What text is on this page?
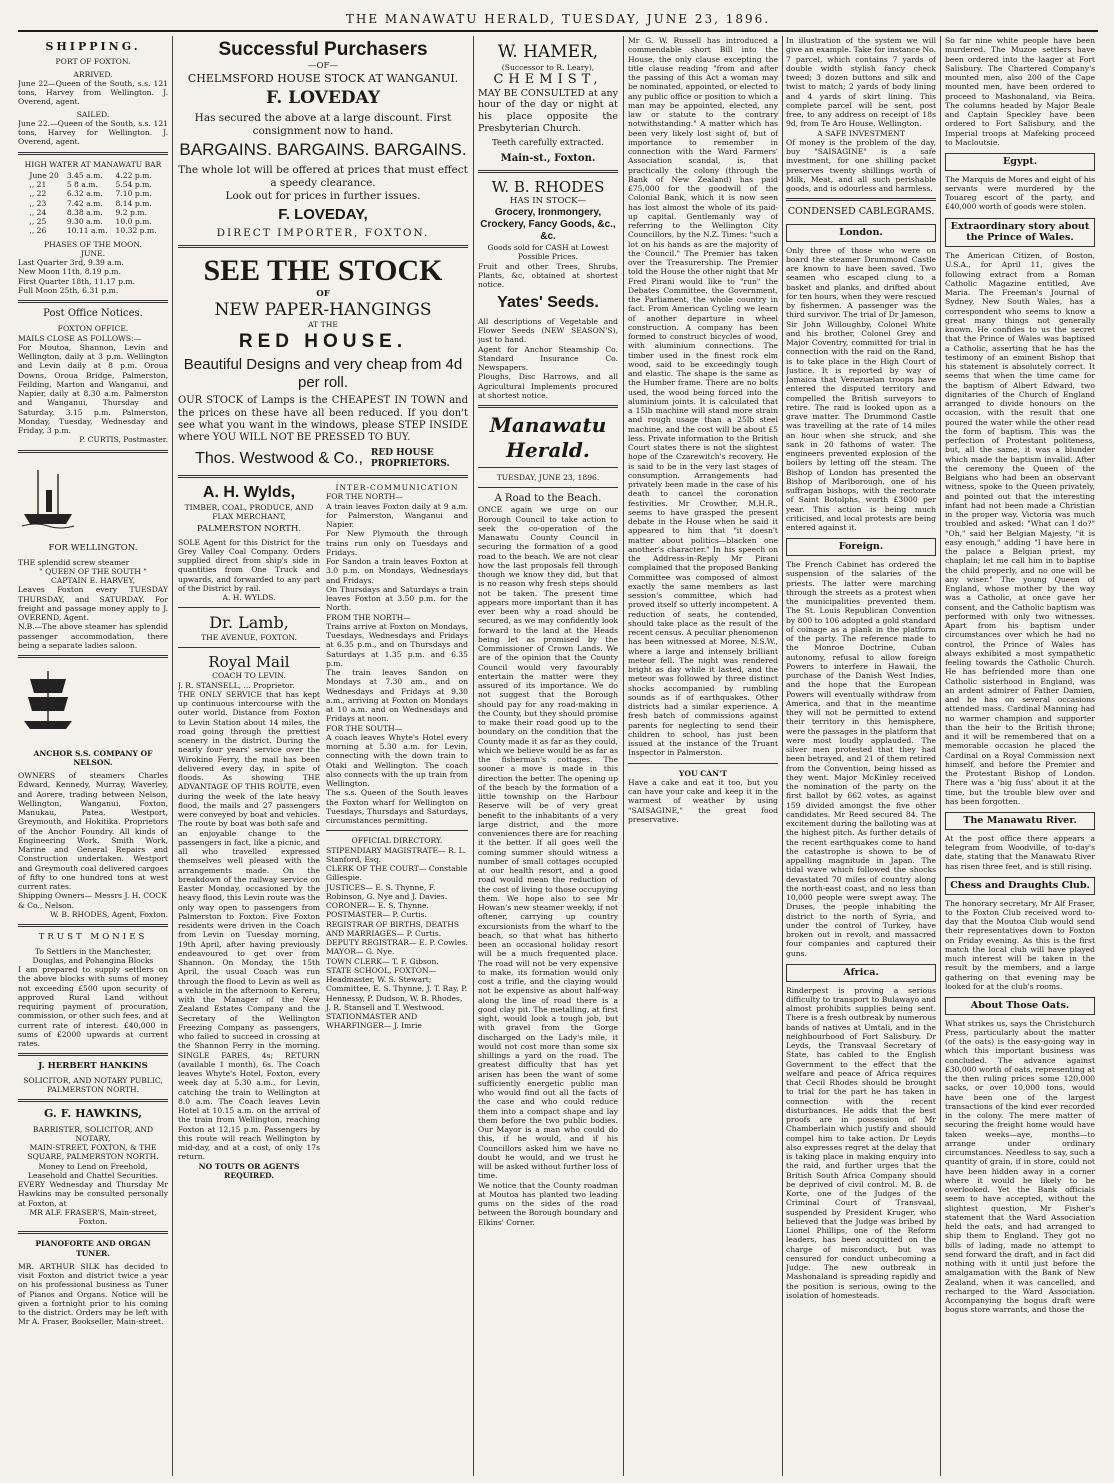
THE MANAWATU HERALD, TUESDAY, JUNE 23, 1896.
SHIPPING.
PORT OF FOXTON.
ARRIVED.
June 22—Queen of the South, s.s. 121 tons, Harvey from Wellington. J. Overend, agent.
SAILED.
June 22.—Queen of the South, s.s. 121 tons, Harvey for Wellington. J. Overend, agent.
HIGH WATER AT MANAWATU BAR
June 20	3.45 a.m.	4.22 p.m.
,, 21	5 8 a.m.	5.54 p.m.
,, 22	6.32 a.m.	7.10 p.m.
,, 23	7.42 a.m.	8.14 p.m.
,, 24	8.38 a.m.	9.2 p.m.
,, 25	9.30 a.m.	10.0 p.m.
,, 26	10.11 a.m.	10.32 p.m.
PHASES OF THE MOON.
JUNE.
Last Quarter 3rd, 9.39 a.m.
New Moon 11th, 8.19 p.m.
First Quarter 18th, 11.17 p.m.
Full Moon 25th, 6.31 p.m.
Post Office Notices.
FOXTON OFFICE.
MAILS CLOSE AS FOLLOWS:—
For Moutoa, Shannon, Levin and Wellington, daily at 3 p.m. Wellington and Levin daily at 8 p.m. Oroua Downs, Oroua Bridge, Palmerston, Feilding, Marton and Wanganui, and Napier, daily at 8.30 a.m. Palmerston and Wanganui, Thursday and Saturday, 3.15 p.m. Palmerston, Monday, Tuesday, Wednesday and Friday, 3 p.m.
P. CURTIS, Postmaster.
FOR WELLINGTON.
THE splendid screw steamer
" QUEEN OF THE SOUTH "
CAPTAIN E. HARVEY,
Leaves Foxton every TUESDAY THURSDAY, and SATURDAY. For freight and passage money apply to J. OVEREND, Agent.
N.B.—The above steamer has splendid passenger accommodation, there being a separate ladies saloon.
ANCHOR S.S. COMPANY OF NELSON.
OWNERS of steamers Charles Edward, Kennedy, Murray, Waverley, and Aorere, trading between Nelson, Wellington, Wanganui, Foxton, Manukau, Patea, Westport, Greymouth, and Hokitika. Proprietors of the Anchor Foundry. All kinds of Engineering Work, Smith Work, Marine and General Repairs and Construction undertaken. Westport and Greymouth coal delivered cargoes of fifty to one hundred tons at west current rates.
Shipping Owners— Messrs J. H. COCK & Co., Nelson.
W. B. RHODES, Agent, Foxton.
TRUST MONIES
To Settlers in the Manchester, Douglas, and Pohangina Blocks
I am prepared to supply settlers on the above blocks with sums of money not exceeding £500 upon security of approved Rural Land without requiring payment of procuration, commission, or other such fees, and at current rate of interest. £40,000 in sums of £2000 upwards at current rates.
J. HERBERT HANKINS
SOLICITOR, AND NOTARY PUBLIC,
PALMERSTON NORTH.
G. F. HAWKINS,
BARRISTER, SOLICITOR, AND NOTARY,
MAIN-STREET, FOXTON, & THE SQUARE, PALMERSTON NORTH.
Money to Lend on Freehold, Leasehold and Chattel Securities.
EVERY Wednesday and Thursday Mr Hawkins may be consulted personally at Foxton, at
MR ALF. FRASER'S, Main-street, Foxton.
PIANOFORTE AND ORGAN TUNER.
MR. ARTHUR SILK has decided to visit Foxton and district twice a year on his professional business as Tuner of Pianos and Organs. Notice will be given a fortnight prior to his coming to the district. Orders may be left with Mr A. Fraser, Bookseller, Main-street.
Successful Purchasers
—OF—
CHELMSFORD HOUSE STOCK AT WANGANUI.
F. LOVEDAY
Has secured the above at a large discount. First consignment now to hand.
BARGAINS. BARGAINS. BARGAINS.
The whole lot will be offered at prices that must effect a speedy clearance.
Look out for prices in further issues.
F. LOVEDAY,
DIRECT IMPORTER, FOXTON.
SEE THE STOCK
OF
NEW PAPER-HANGINGS
AT THE
RED HOUSE.
Beautiful Designs and very cheap from 4d per roll.
OUR STOCK of Lamps is the CHEAPEST IN TOWN and the prices on these have all been reduced. If you don't see what you want in the windows, please STEP INSIDE where YOU WILL NOT BE PRESSED TO BUY.
Thos. Westwood & Co., RED HOUSE PROPRIETORS.
A. H. Wylds,
TIMBER, COAL, PRODUCE, AND FLAX MERCHANT,
PALMERSTON NORTH.
SOLE Agent for this District for the Grey Valley Coal Company. Orders supplied direct from ship's side in quantities from One Truck and upwards, and forwarded to any part of the District by rail.
A. H. WYLDS.
Dr. Lamb,
THE AVENUE, FOXTON.
Royal Mail
COACH TO LEVIN.
J. R. STANSELL, ... Proprietor.
THE ONLY SERVICE that has kept up continuous intercourse with the outer world. Distance from Foxton to Levin Station about 14 miles, the road going through the prettiest scenery in the district. During the nearly four years' service over the Wirokino Ferry, the mail has been delivered every day, in spite of floods. As showing THE ADVANTAGE OF THIS ROUTE, even during the week of the late heavy flood, the mails and 27 passengers were conveyed by boat and vehicles. The route by boat was both safe and an enjoyable change to the passengers in fact, like a picnic, and all who travelled expressed themselves well pleased with the arrangements made. On the breakdown of the railway service on Easter Monday, occasioned by the heavy flood, this Levin route was the only way open to passengers from Palmerston to Foxton. Five Foxton residents were driven in the Coach from Levin on Tuesday morning, 19th April, after having previously endeavoured to get over from Shannon. On Monday, the 15th April, the usual Coach was run through the flood to Levin as well as a vehicle in the afternoon to Kereru, with the Manager of the New Zealand Estates Company and the Secretary of the Wellington Freezing Company as passengers, who failed to succeed in crossing at the Shannon Ferry in the morning. SINGLE FARES, 4s; RETURN (available 1 month), 6s. The Coach leaves Whyte's Hotel, Foxton, every week day at 5.30 a.m., for Levin, catching the train to Wellington at 8.0 a.m. The Coach leaves Levin Hotel at 10.15 a.m. on the arrival of the train from Wellington, reaching Foxton at 12.15 p.m. Passengers by this route will reach Wellington by mid-day, and at a cost, of only 17s return.
NO TOUTS OR AGENTS REQUIRED.
INTER-COMMUNICATION
FOR THE NORTH—
A train leaves Foxton daily at 9 a.m. for Palmerston, Wanganui and Napier.
For New Plymouth the through trains run only on Tuesdays and Fridays.
For Sandon a train leaves Foxton at 3.0 p.m. on Mondays, Wednesdays and Fridays.
On Thursdays and Saturdays a train leaves Foxton at 3.50 p.m. for the North.
FROM THE NORTH—
Trains arrive at Foxton on Mondays, Tuesdays, Wednesdays and Fridays at 6.35 p.m., and on Thursdays and Saturdays at 1.35 p.m. and 6.35 p.m.
The train leaves Sandon on Mondays at 7.30 am., and on Wednesdays and Fridays at 9.30 a.m., arriving at Foxton on Mondays at 10 a.m. and on Wednesdays and Fridays at noon.
FOR THE SOUTH—
A coach leaves Whyte's Hotel every morning at 5.30 a.m. for Levin, connecting with the down train to Otaki and Wellington. The coach also connects with the up train from Wellington.
The s.s. Queen of the South leaves the Foxton wharf for Wellington on Tuesdays, Thursdays and Saturdays, circumstances permitting.
OFFICIAL DIRECTORY.
STIPENDIARY MAGISTRATE— R. L. Stanford, Esq.
CLERK OF THE COURT— Constable Gillespie.
JUSTICES— E. S. Thynne, F. Robinson, G. Nye and J. Davies.
CORONER— E. S. Thynne.
POSTMASTER— P. Curtis.
REGISTRAR OF BIRTHS, DEATHS AND MARRIAGES— P. Curtis.
DEPUTY REGISTRAR— E. P. Cowles.
MAYOR— G. Nye.
TOWN CLERK— T. F. Gibson.
STATE SCHOOL, FOXTON— Headmaster, W. S. Stewart; Committee, E. S. Thynne, J. T. Ray, P. Hennessy, P. Dudson, W. B. Rhodes, J. R. Stansell and T. Westwood.
STATIONMASTER AND WHARFINGER— J. Imrie
W. HAMER,
(Successor to R. Leary),
CHEMIST,
MAY BE CONSULTED at any hour of the day or night at his place opposite the Presbyterian Church.
Teeth carefully extracted.
Main-st., Foxton.
W. B. RHODES
HAS IN STOCK—
Grocery, Ironmongery, Crockery, Fancy Goods, &c., &c.
Goods sold for CASH at Lowest Possible Prices.
Fruit and other Trees, Shrubs, Plants, &c, obtained at shortest notice.
Yates' Seeds.
All descriptions of Vegetable and Flower Seeds (NEW SEASON'S), just to hand.
Agent for Anchor Steamship Co. Standard Insurance Co. Newspapers.
Ploughs, Disc Harrows, and all Agricultural Implements procured at shortest notice.
Manawatu Herald.
TUESDAY, JUNE 23, 1896.
A Road to the Beach.
ONCE again we urge on our Borough Council to take action to seek the co-operation of the Manawatu County Council in securing the formation of a good road to the beach. We are not clear how the last proposals fell through though we know they did, but that is no reason why fresh steps should not be taken. The present time appears more important than it has ever been why a road should be secured, as we may confidently look forward to the land at the Heads being let as promised by the Commissioner of Crown Lands. We are of the opinion that the County Council would very favourably entertain the matter were they assured of its importance. We do not suggest that the Borough should pay for any road-making in the County, but they should promise to make their road good up to the boundary on the condition that the County made it as far as they could, which we believe would be as far as the fisherman's cottages. The sooner a move is made in this direction the better. The opening up of the beach by the formation of a little township on the Harbour Reserve will be of very great benefit to the inhabitants of a very large district, and the more conveniences there are for reaching it the better. If all goes well the coming summer should witness a number of small cottages occupied at our health resort, and a good road would mean the reduction of the cost of living to those occupying them. We hope also to see Mr Howan's new steamer weekly, if not oftener, carrying up country excursionists from the wharf to the beach, so that what has hitherto been an occasional holiday resort will be a much frequented place. The road will not be very expensive to make, its formation would only cost a trifle, and the claying would not be expensive as about half-way along the line of road there is a good clay pit. The metalling, at first sight, would look a tough job, but with gravel from the Gorge discharged on the Lady's mile, it would not cost more than some six shillings a yard on the road. The greatest difficulty that has yet arisen has been the want of some sufficiently energetic public man who would find out all the facts of the case and who could reduce them into a compact shape and lay them before the two public bodies. Our Mayor is a man who could do this, if he would, and if his Councillors asked him we have no doubt he would, and we trust he will be asked without further loss of time.
We notice that the County roadman at Moutoa has planted two leading gums on the sides of the road between the Borough boundary and Elkins' Corner.
Mr G. W. Russell has introduced a commendable short Bill into the House, the only clause excepting the title clause reading "from and after the passing of this Act a woman may be nominated, appointed, or elected to any public office or position to which a man may be appointed, elected, any law or statute to the contrary notwithstanding." A matter which has been very likely lost sight of, but of importance to remember in connection with the Ward Farmers' Association scandal, is, that practically the colony (through the Bank of New Zealand) has paid £75,000 for the goodwill of the Colonial Bank, which it is now seen has lost almost the whole of its paid-up capital. Gentlemanly way of referring to the Wellington City Councillors, by the N.Z. Times: "such a lot on his hands as are the majority of the Council." The Premier has taken over the Treasurership. The Premier told the House the other night that Mr Fred Pirani would like to "run" the Debates Committee, the Government, the Parliament, the whole country in fact. From American Cycling we learn of another departure in wheel construction. A company has been formed to construct bicycles of wood, with aluminium connections. The timber used in the finest rock elm wood, said to be exceedingly tough and elastic. The shape is the same as the Humber frame. There are no bolts used, the wood being forced into the aluminium joints. It is calculated that a 15lb machine will stand more strain and rough usage than a 25lb steel machine, and the cost will be about £5 less. Private information to the British Court states there is not the slightest hope of the Czarewitch's recovery. He is said to be in the very last stages of consumption. Arrangements had privately been made in the case of his death to cancel the coronation festivities. Mr Crowther, M.H.R., seems to have grasped the present debate in the House when he said it appeared to him that "it doesn't matter about politics—blacken one another's character." In his speech on the Address-in-Reply Mr Pirani complained that the proposed Banking Committee was composed of almost exactly the same members as last session's committee, which had proved itself so utterly incompetent. A reduction of seats, he contended, should take place as the result of the recent census. A peculiar phenomenon has been witnessed at Moree, N.S.W., where a large and intensely brilliant meteor fell. The night was rendered bright as day while it lasted, and the meteor was followed by three distinct shocks accompanied by rumbling sounds as if of earthquakes. Other districts had a similar experience. A fresh batch of commissions against parents for neglecting to send their children to school, has just been issued at the instance of the Truant Inspector in Palmerston.
YOU CAN'T
Have a cake and eat it too, but you can have your cake and keep it in the warmest of weather by using "SAISAGINE," the great food preservative.
In illustration of the system we will give an example. Take for instance No. 7 parcel, which contains 7 yards of double width stylish fancy check tweed; 3 dozen buttons and silk and twist to match; 2 yards of body lining and 4 yards of skirt lining. This complete parcel will be sent, post free, to any address on receipt of 18s 9d, from Te Aro House, Wellington.
A SAFE INVESTMENT
Of money is the problem of the day, buy "SAISAGINE" is a safe investment, for one shilling packet preserves twenty shillings worth of Milk, Meat, and all such perishable goods, and is odourless and harmless.
CONDENSED CABLEGRAMS.
London.
Only three of those who were on board the steamer Drummond Castle are known to have been saved. Two seamen who escaped clung to a basket and planks, and drifted about for ten hours, when they were rescued by fishermen. A passenger was the third survivor. The trial of Dr Jameson, Sir John Willoughby, Colonel White and his brother, Colonel Grey and Major Coventry, committed for trial in connection with the raid on the Rand, is to take place in the High Court of Justice. It is reported by way of Jamaica that Venezuelan troops have entered the disputed territory and compelled the British surveyors to retire. The raid is looked upon as a grave matter. The Drummond Castle was travelling at the rate of 14 miles an hour when she struck, and she sank in 20 fathoms of water. The engineers prevented explosion of the boilers by letting off the steam. The Bishop of London has presented the Bishop of Marlborough, one of his suffragan bishops, with the rectorate of Saint Botolphs, worth £3000 per year. This action is being much criticised, and local protests are being entered against it.
Foreign.
The French Cabinet has ordered the suspension of the salaries of the priests. The latter were marching through the streets as a protest when the municipalities prevented them. The St. Louis Republican Convention by 800 to 106 adopted a gold standard of coinage as a plank in the platform of the party. The reference made to the Monroe Doctrine, Cuban autonomy, refusal to allow foreign Powers to interfere in Hawaii, the purchase of the Danish West Indies, and the hope that the European Powers will eventually withdraw from America, and that in the meantime they will not be permitted to extend their territory in this hemisphere, were the passages in the platform that were most loudly applauded. The silver men protested that they had been betrayed, and 21 of them retired from the Convention, being hissed as they went. Major McKinley received the nomination of the party on the first ballot by 662 votes, as against 159 divided amongst the five other candidates. Mr Reed secured 84. The excitement during the balloting was at the highest pitch. As further details of the recent earthquakes come to hand the catastrophe is shown to be of appalling magnitude in Japan. The tidal wave which followed the shocks devastated 70 miles of country along the north-east coast, and no less than 10,000 people were swept away. The Druses, the people inhabiting the district to the north of Syria, and under the control of Turkey, have broken out in revolt, and massacred four companies and captured their guns.
Africa.
Rinderpest is proving a serious difficulty to transport to Bulawayo and almost prohibits supplies being sent. There is a fresh outbreak by numerous bands of natives at Umtali, and in the neighbourhood of Fort Salisbury. Dr Leyds, the Transvaal Secretary of State, has cabled to the English Government to the effect that the welfare and peace of Africa requires that Cecil Rhodes should be brought to trial for the part he has taken in connection with the recent disturbances. He adds that the best proofs are in possession of Mr Chamberlain which justify and should compel him to take action. Dr Leyds also expresses regret at the delay that is taking place in making enquiry into the raid, and further urges that the British South Africa Company should be deprived of civil control. M. B. de Korte, one of the Judges of the Criminal Court of Transvaal, suspended by President Kruger, who believed that the Judge was bribed by Lionel Phillips, one of the Reform leaders, has been acquitted on the charge of misconduct, but was censured for conduct unbecoming a Judge. The new outbreak in Mashonaland is spreading rapidly and the position is serious, owing to the isolation of homesteads.
So far nine white people have been murdered. The Muzoe settlers have been ordered into the laager at Fort Salisbury. The Chartered Company's mounted men, also 200 of the Cape mounted men, have been ordered to proceed to Mashonaland, via Beira. The columns headed by Major Beale and Captain Speckley have been ordered to Fort Salisbury, and the Imperial troops at Mafeking proceed to Macloutsie.
Egypt.
The Marquis de Mores and eight of his servants were murdered by the Touareg escort of the party, and £40,000 worth of goods were stolen.
Extraordinary story about the Prince of Wales.
The American Citizen, of Boston, U.S.A., for April 11, gives the following extract from a Roman Catholic Magazine entitled, Ave Maria. The Freeman's Journal of Sydney, New South Wales, has a correspondent who seems to know a great many things not generally known. He confides to us the secret that the Prince of Wales was baptised a Catholic, asserting that he has the testimony of an eminent Bishop that his statement is absolutely correct. It seems that when the time came for the baptism of Albert Edward, two dignitaries of the Church of England arranged to divide honours on the occasion, with the result that one poured the water while the other read the form of baptism. This was the perfection of Protestant politeness, but, all the same, it was a blunder which made the baptism invalid. After the ceremony the Queen of the Belgians who had been an observant witness, spoke to the Queen privately, and pointed out that the interesting infant had not been made a Christian in the proper way. Victoria was much troubled and asked: "What can I do?" "Oh," said her Belgian Majesty, "it is easy enough," adding "I have here in the palace a Belgian priest, my chaplain; let me call him in to baptise the child properly, and no one will be any wiser." The young Queen of England, whose mother by the way was a Catholic, at once gave her consent, and the Catholic baptism was performed with only two witnesses. Apart from his baptism under circumstances over which he had no control, the Prince of Wales has always exhibited a most sympathetic feeling towards the Catholic Church. He has befriended more than one Catholic sisterhood in England, was an ardent admirer of Father Damien, and he has on several occasions attended mass. Cardinal Manning had no warmer champion and supporter than the heir to the British throne; and it will be remembered that on a memorable occasion he placed the Cardinal on a Royal Commission next himself, and before the Premier and the Protestant Bishop of London. There was a 'big fuss' about it at the time, but the trouble blew over and has been forgotten.
The Manawatu River.
At the post office there appears a telegram from Woodville, of to-day's date, stating that the Manawatu River has risen three feet, and is still rising.
Chess and Draughts Club.
The honorary secretary, Mr Alf Fraser, to the Foxton Club received word to-day that the Moutoa Club would send their representatives down to Foxton on Friday evening. As this is the first match the local club will have played much interest will be taken in the result by the members, and a large gathering on that evening may be looked for at the club's rooms.
About Those Oats.
What strikes us, says the Christchurch Press, particularly about the matter (of the oats) is the easy-going way in which this important business was concluded. The advance against £30,000 worth of oats, representing at the then ruling prices some 120,000 sacks, or over 10,000 tons, would have been one of the largest transactions of the kind ever recorded in the colony. The mere matter of securing the freight home would have taken weeks—aye, months—to arrange under ordinary circumstances. Needless to say, such a quantity of grain, if in store, could not have been hidden away in a corner where it would be likely to be overlooked. Yet the Bank officials seem to have accepted, without the slightest question, Mr Fisher's statement that the Ward Association held the oats, and had arranged to ship them to England. They got no bills of lading, made no attempt to send forward the draft, and in fact did nothing with it until just before the amalgamation with the Bank of New Zealand, when it was cancelled, and recharged to the Ward Association. Accompanying the bogus draft were bogus store warrants, and those the
